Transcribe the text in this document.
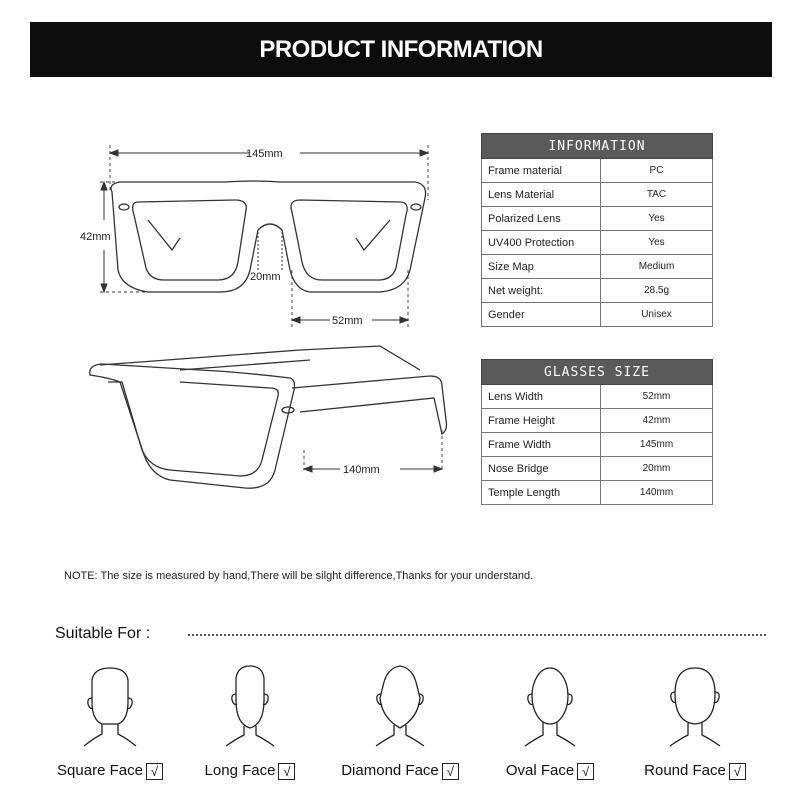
PRODUCT INFORMATION
145mm
42mm
20mm
52mm
140mm
INFORMATION	
Frame material	PC
Lens Material	TAC
Polarized Lens	Yes
UV400 Protection	Yes
Size Map	Medium
Net weight:	28.5g
Gender	Unisex
GLASSES SIZE	
Lens Width	52mm
Frame Height	42mm
Frame Width	145mm
Nose Bridge	20mm
Temple Length	140mm
NOTE: The size is measured by hand,There will be silght difference,Thanks for your understand.
Suitable For :
Square Face √	Long Face √	Diamond Face √	Oval Face √	Round Face √
